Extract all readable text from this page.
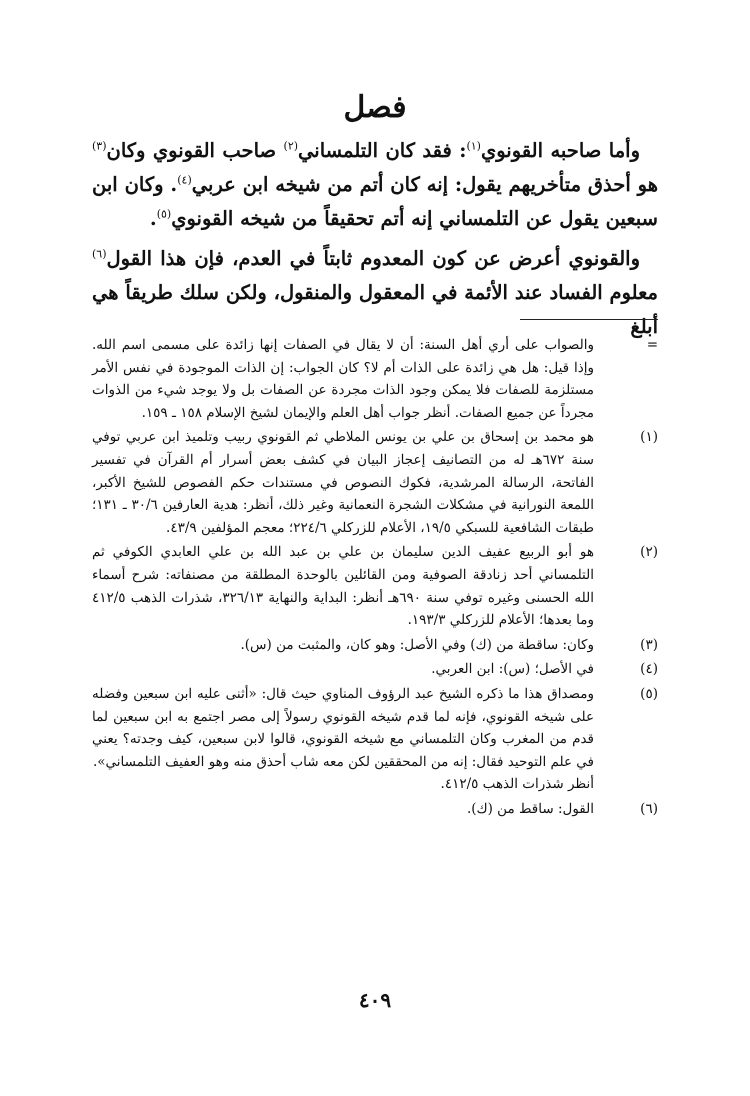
فصل

وأما صاحبه القونوي$^{(١)}$: فقد كان التلمساني$^{(٢)}$ صاحب القونوي وكان$^{(٣)}$ هو أحذق متأخريهم يقول: إنه كان أتم من شيخه ابن عربي$^{(٤)}$. وكان ابن سبعين يقول عن التلمساني إنه أتم تحقيقاً من شيخه القونوي$^{(٥)}$.

والقونوي أعرض عن كون المعدوم ثابتاً في العدم، فإن هذا القول$^{(٦)}$ معلوم الفساد عند الأئمة في المعقول والمنقول، ولكن سلك طريقاً هي أبلغ

=

والصواب على أري أهل السنة: أن لا يقال في الصفات إنها زائدة على مسمى اسم الله. وإذا قيل: هل هي زائدة على الذات أم لا؟ كان الجواب: إن الذات الموجودة في نفس الأمر مستلزمة للصفات فلا يمكن وجود الذات مجردة عن الصفات بل ولا يوجد شيء من الذوات مجرداً عن جميع الصفات. أنظر جواب أهل العلم والإيمان لشيخ الإسلام ١٥٨ ـ ١٥٩.

(١)

هو محمد بن إسحاق بن علي بن يونس الملاطي ثم القونوي ربيب وتلميذ ابن عربي توفي سنة ٦٧٢هـ له من التصانيف إعجاز البيان في كشف بعض أسرار أم القرآن في تفسير الفاتحة، الرسالة المرشدية، فكوك النصوص في مستندات حكم الفصوص للشيخ الأكبر، اللمعة النورانية في مشكلات الشجرة النعمانية وغير ذلك، أنظر: هدية العارفين ٣٠/٦ ـ ١٣١؛ طبقات الشافعية للسبكي ١٩/٥، الأعلام للزركلي ٢٢٤/٦؛ معجم المؤلفين ٤٣/٩.

(٢)

هو أبو الربيع عفيف الدين سليمان بن علي بن عبد الله بن علي العابدي الكوفي ثم التلمساني أحد زنادقة الصوفية ومن القائلين بالوحدة المطلقة من مصنفاته: شرح أسماء الله الحسنى وغيره توفي سنة ٦٩٠هـ أنظر: البداية والنهاية ٣٢٦/١٣، شذرات الذهب ٤١٢/٥ وما بعدها؛ الأعلام للزركلي ١٩٣/٣.

(٣)

وكان: ساقطة من (ك) وفي الأصل: وهو كان، والمثبت من (س).

(٤)

في الأصل؛ (س): ابن العربي.

(٥)

ومصداق هذا ما ذكره الشيخ عبد الرؤوف المناوي حيث قال: «أثنى عليه ابن سبعين وفضله على شيخه القونوي، فإنه لما قدم شيخه القونوي رسولاً إلى مصر اجتمع به ابن سبعين لما قدم من المغرب وكان التلمساني مع شيخه القونوي، قالوا لابن سبعين، كيف وجدته؟ يعني في علم التوحيد فقال: إنه من المحققين لكن معه شاب أحذق منه وهو العفيف التلمساني».

أنظر شذرات الذهب ٤١٢/٥.

(٦)

القول: ساقط من (ك).

٤٠٩
